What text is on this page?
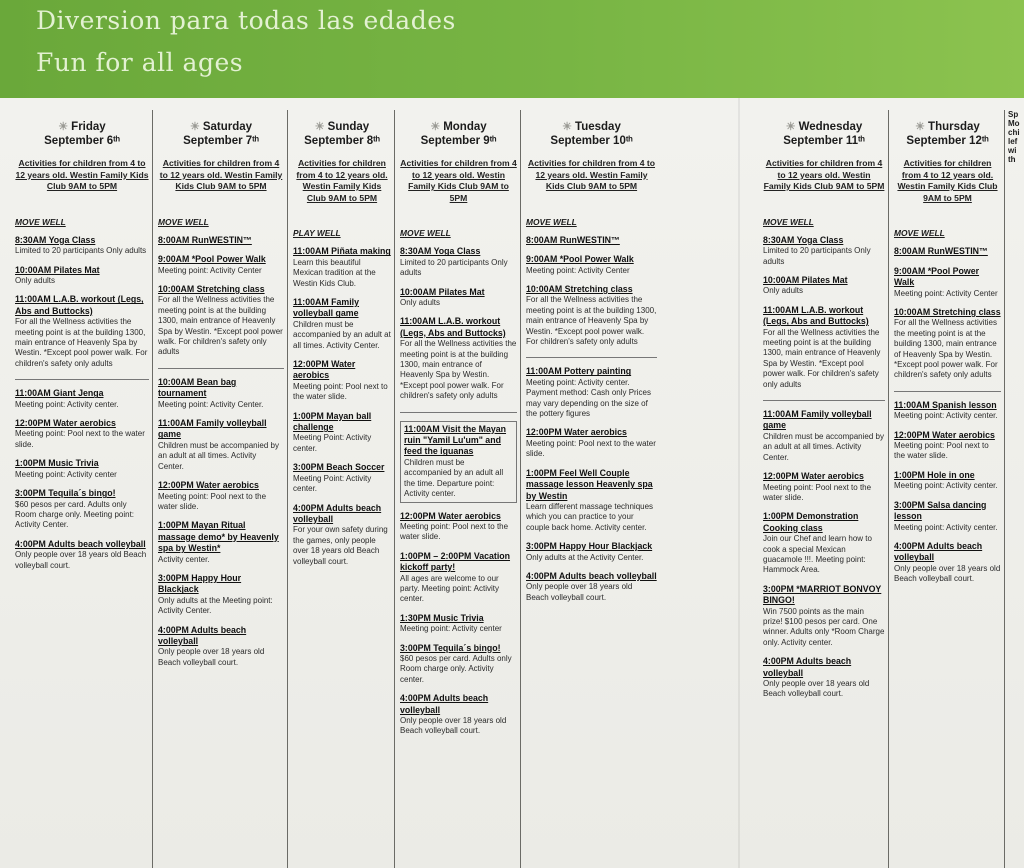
Diversion para todas las edades
Fun for all ages
☀ Friday
September 6ᵗʰ
Activities for children from 4 to 12 years old. Westin Family Kids Club 9AM to 5PM
MOVE WELL
8:30AM Yoga Class
Limited to 20 participants Only adults
10:00AM Pilates Mat
Only adults
11:00AM L.A.B. workout (Legs, Abs and Buttocks)
For all the Wellness activities the meeting point is at the building 1300, main entrance of Heavenly Spa by Westin. *Except pool power walk. For children's safety only adults
11:00AM Giant Jenga
Meeting point: Activity center.
12:00PM Water aerobics
Meeting point: Pool next to the water slide.
1:00PM Music Trivia
Meeting point: Activity center
3:00PM Tequila´s bingo!
$60 pesos per card. Adults only Room charge only. Meeting point: Activity Center.
4:00PM Adults beach volleyball
Only people over 18 years old Beach volleyball court.
☀ Saturday
September 7ᵗʰ
Activities for children from 4 to 12 years old. Westin Family Kids Club 9AM to 5PM
MOVE WELL
8:00AM RunWESTIN™
9:00AM *Pool Power Walk
Meeting point: Activity Center
10:00AM Stretching class
For all the Wellness activities the meeting point is at the building 1300, main entrance of Heavenly Spa by Westin. *Except pool power walk. For children's safety only adults
10:00AM Bean bag tournament
Meeting point: Activity Center.
11:00AM Family volleyball game
Children must be accompanied by an adult at all times. Activity Center.
12:00PM Water aerobics
Meeting point: Pool next to the water slide.
1:00PM Mayan Ritual massage demo* by Heavenly spa by Westin*
Activity center.
3:00PM Happy Hour Blackjack
Only adults at the Meeting point: Activity Center.
4:00PM Adults beach volleyball
Only people over 18 years old Beach volleyball court.
☀ Sunday
September 8ᵗʰ
Activities for children from 4 to 12 years old. Westin Family Kids Club 9AM to 5PM
PLAY WELL
11:00AM Piñata making
Learn this beautiful Mexican tradition at the Westin Kids Club.
11:00AM Family volleyball game
Children must be accompanied by an adult at all times. Activity Center.
12:00PM Water aerobics
Meeting point: Pool next to the water slide.
1:00PM Mayan ball challenge
Meeting Point: Activity center.
3:00PM Beach Soccer
Meeting Point: Activity center.
4:00PM Adults beach volleyball
For your own safety during the games, only people over 18 years old Beach volleyball court.
☀ Monday
September 9ᵗʰ
Activities for children from 4 to 12 years old. Westin Family Kids Club 9AM to 5PM
MOVE WELL
8:30AM Yoga Class
Limited to 20 participants Only adults
10:00AM Pilates Mat
Only adults
11:00AM L.A.B. workout (Legs, Abs and Buttocks)
For all the Wellness activities the meeting point is at the building 1300, main entrance of Heavenly Spa by Westin. *Except pool power walk. For children's safety only adults
11:00AM Visit the Mayan ruin "Yamil Lu'um" and feed the iguanas
Children must be accompanied by an adult all the time. Departure point: Activity center.
12:00PM Water aerobics
Meeting point: Pool next to the water slide.
1:00PM – 2:00PM Vacation kickoff party!
All ages are welcome to our party. Meeting point: Activity center.
1:30PM Music Trivia
Meeting point: Activity center
3:00PM Tequila´s bingo!
$60 pesos per card. Adults only Room charge only. Activity center.
4:00PM Adults beach volleyball
Only people over 18 years old Beach volleyball court.
☀ Tuesday
September 10ᵗʰ
Activities for children from 4 to 12 years old. Westin Family Kids Club 9AM to 5PM
MOVE WELL
8:00AM RunWESTIN™
9:00AM *Pool Power Walk
Meeting point: Activity Center
10:00AM Stretching class
For all the Wellness activities the meeting point is at the building 1300, main entrance of Heavenly Spa by Westin. *Except pool power walk. For children's safety only adults
11:00AM Pottery painting
Meeting point: Activity center. Payment method: Cash only Prices may vary depending on the size of the pottery figures
12:00PM Water aerobics
Meeting point: Pool next to the water slide.
1:00PM Feel Well Couple massage lesson Heavenly spa by Westin
Learn different massage techniques which you can practice to your couple back home. Activity center.
3:00PM Happy Hour Blackjack
Only adults at the Activity Center.
4:00PM Adults beach volleyball
Only people over 18 years old Beach volleyball court.
☀ Wednesday
September 11ᵗʰ
Activities for children from 4 to 12 years old. Westin Family Kids Club 9AM to 5PM
MOVE WELL
8:30AM Yoga Class
Limited to 20 participants Only adults
10:00AM Pilates Mat
Only adults
11:00AM L.A.B. workout (Legs, Abs and Buttocks)
For all the Wellness activities the meeting point is at the building 1300, main entrance of Heavenly Spa by Westin. *Except pool power walk. For children's safety only adults
11:00AM Family volleyball game
Children must be accompanied by an adult at all times. Activity Center.
12:00PM Water aerobics
Meeting point: Pool next to the water slide.
1:00PM Demonstration Cooking class
Join our Chef and learn how to cook a special Mexican guacamole !!!. Meeting point: Hammock Area.
3:00PM *MARRIOT BONVOY BINGO!
Win 7500 points as the main prize! $100 pesos per card. One winner. Adults only *Room Charge only. Activity center.
4:00PM Adults beach volleyball
Only people over 18 years old Beach volleyball court.
☀ Thursday
September 12ᵗʰ
Activities for children from 4 to 12 years old. Westin Family Kids Club 9AM to 5PM
MOVE WELL
8:00AM RunWESTIN™
9:00AM *Pool Power Walk
Meeting point: Activity Center
10:00AM Stretching class
For all the Wellness activities the meeting point is at the building 1300, main entrance of Heavenly Spa by Westin. *Except pool power walk. For children's safety only adults
11:00AM Spanish lesson
Meeting point: Activity center.
12:00PM Water aerobics
Meeting point: Pool next to the water slide.
1:00PM Hole in one
Meeting point: Activity center.
3:00PM Salsa dancing lesson
Meeting point: Activity center.
4:00PM Adults beach volleyball
Only people over 18 years old Beach volleyball court.
Sp Mo chi lef wi th
